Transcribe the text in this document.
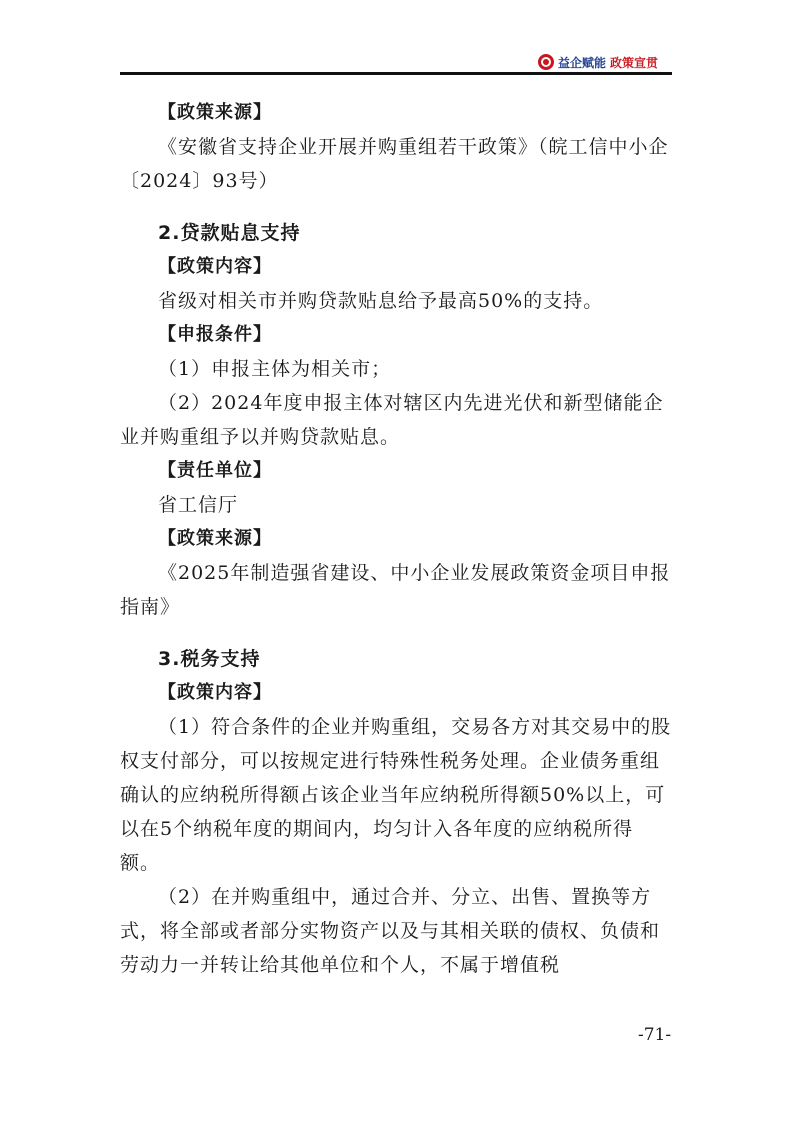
益企赋能 政策宣贯

【政策来源】

《安徽省支持企业开展并购重组若干政策》（皖工信中小企〔2024〕93号）

2.贷款贴息支持

【政策内容】

省级对相关市并购贷款贴息给予最高50%的支持。

【申报条件】

（1）申报主体为相关市；

（2）2024年度申报主体对辖区内先进光伏和新型储能企业并购重组予以并购贷款贴息。

【责任单位】

省工信厅

【政策来源】

《2025年制造强省建设、中小企业发展政策资金项目申报指南》

3.税务支持

【政策内容】

（1）符合条件的企业并购重组，交易各方对其交易中的股权支付部分，可以按规定进行特殊性税务处理。企业债务重组确认的应纳税所得额占该企业当年应纳税所得额50%以上，可以在5个纳税年度的期间内，均匀计入各年度的应纳税所得额。

（2）在并购重组中，通过合并、分立、出售、置换等方式，将全部或者部分实物资产以及与其相关联的债权、负债和劳动力一并转让给其他单位和个人，不属于增值税

-71-
